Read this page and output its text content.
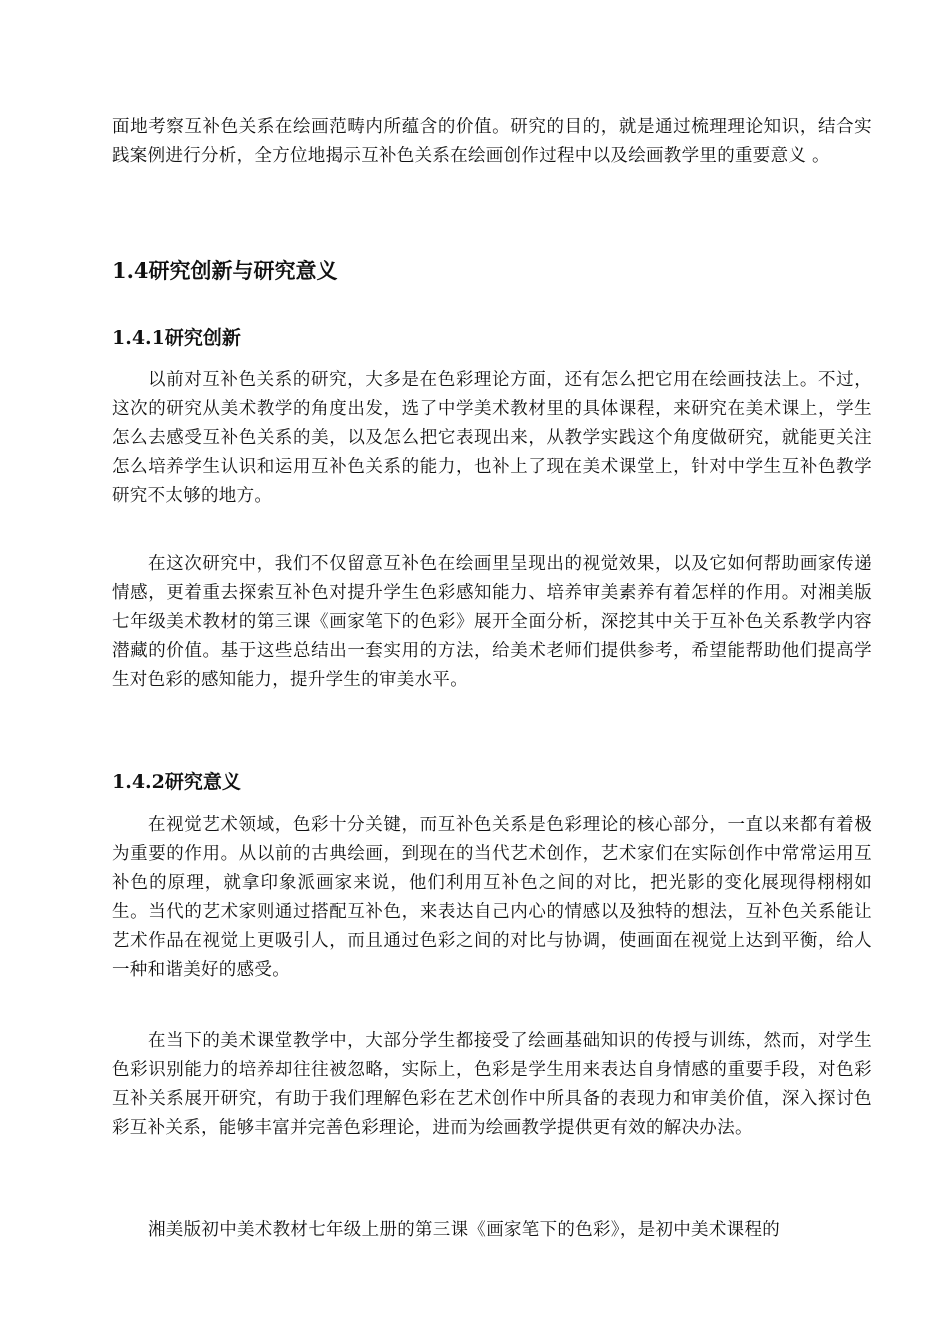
面地考察互补色关系在绘画范畴内所蕴含的价值。研究的目的，就是通过梳理理论知识，结合实践案例进行分析，全方位地揭示互补色关系在绘画创作过程中以及绘画教学里的重要意义 。

1.4研究创新与研究意义
1.4.1研究创新

以前对互补色关系的研究，大多是在色彩理论方面，还有怎么把它用在绘画技法上。不过，这次的研究从美术教学的角度出发，选了中学美术教材里的具体课程，来研究在美术课上，学生怎么去感受互补色关系的美，以及怎么把它表现出来，从教学实践这个角度做研究，就能更关注怎么培养学生认识和运用互补色关系的能力，也补上了现在美术课堂上，针对中学生互补色教学研究不太够的地方。

在这次研究中，我们不仅留意互补色在绘画里呈现出的视觉效果，以及它如何帮助画家传递情感，更着重去探索互补色对提升学生色彩感知能力、培养审美素养有着怎样的作用。对湘美版七年级美术教材的第三课《画家笔下的色彩》展开全面分析，深挖其中关于互补色关系教学内容潜藏的价值。基于这些总结出一套实用的方法，给美术老师们提供参考，希望能帮助他们提高学生对色彩的感知能力，提升学生的审美水平。

1.4.2研究意义

在视觉艺术领域，色彩十分关键，而互补色关系是色彩理论的核心部分，一直以来都有着极为重要的作用。从以前的古典绘画，到现在的当代艺术创作，艺术家们在实际创作中常常运用互补色的原理，就拿印象派画家来说，他们利用互补色之间的对比，把光影的变化展现得栩栩如生。当代的艺术家则通过搭配互补色，来表达自己内心的情感以及独特的想法，互补色关系能让艺术作品在视觉上更吸引人，而且通过色彩之间的对比与协调，使画面在视觉上达到平衡，给人一种和谐美好的感受。

在当下的美术课堂教学中，大部分学生都接受了绘画基础知识的传授与训练，然而，对学生色彩识别能力的培养却往往被忽略，实际上，色彩是学生用来表达自身情感的重要手段，对色彩互补关系展开研究，有助于我们理解色彩在艺术创作中所具备的表现力和审美价值，深入探讨色彩互补关系，能够丰富并完善色彩理论，进而为绘画教学提供更有效的解决办法。

湘美版初中美术教材七年级上册的第三课《画家笔下的色彩》，是初中美术课程的
